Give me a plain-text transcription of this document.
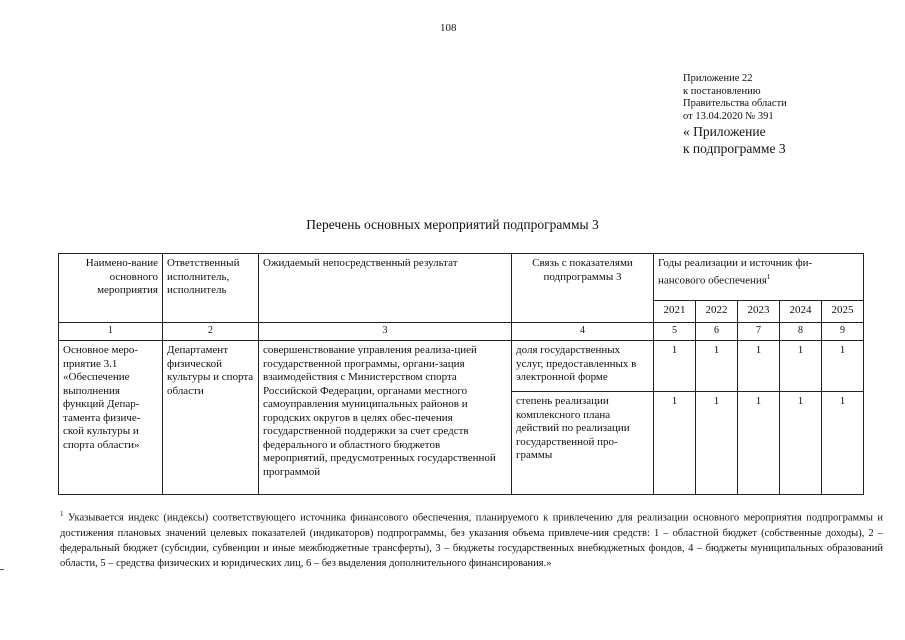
108
Приложение 22
к постановлению
Правительства области
от 13.04.2020 № 391
« Приложение
к подпрограмме 3
Перечень основных мероприятий подпрограммы 3
Наимено-вание основного мероприятия	Ответственный исполнитель, исполнитель	Ожидаемый непосредственный результат	Связь с показателями подпрограммы 3	Годы реализации и источник фи-нансового обеспечения$^1$
				2021	2022	2023	2024	2025
1	2	3	4	5	6	7	8	9
Основное меро-приятие 3.1 «Обеспечение выполнения функций Депар-тамента физиче-ской культуры и спорта области»	Департамент физической культуры и спорта области	совершенствование управления реализа-цией государственной программы, органи-зация взаимодействия с Министерством спорта Российской Федерации, органами местного самоуправления муниципальных районов и городских округов в целях обес-печения государственной поддержки за счет средств федерального и областного бюджетов мероприятий, предусмотренных государственной программой	доля государственных услуг, предоставленных в электронной форме	1	1	1	1	1
			степень реализации комплексного плана действий по реализации государственной про-граммы	1	1	1	1	1
$^1$ Указывается индекс (индексы) соответствующего источника финансового обеспечения, планируемого к привлечению для реализации основного мероприятия подпрограммы и достижения плановых значений целевых показателей (индикаторов) подпрограммы, без указания объема привлече-ния средств: 1 – областной бюджет (собственные доходы), 2 – федеральный бюджет (субсидии, субвенции и иные межбюджетные трансферты), 3 – бюджеты государственных внебюджетных фондов, 4 – бюджеты муниципальных образований области, 5 – средства физических и юридических лиц, 6 – без выделения дополнительного финансирования.»
